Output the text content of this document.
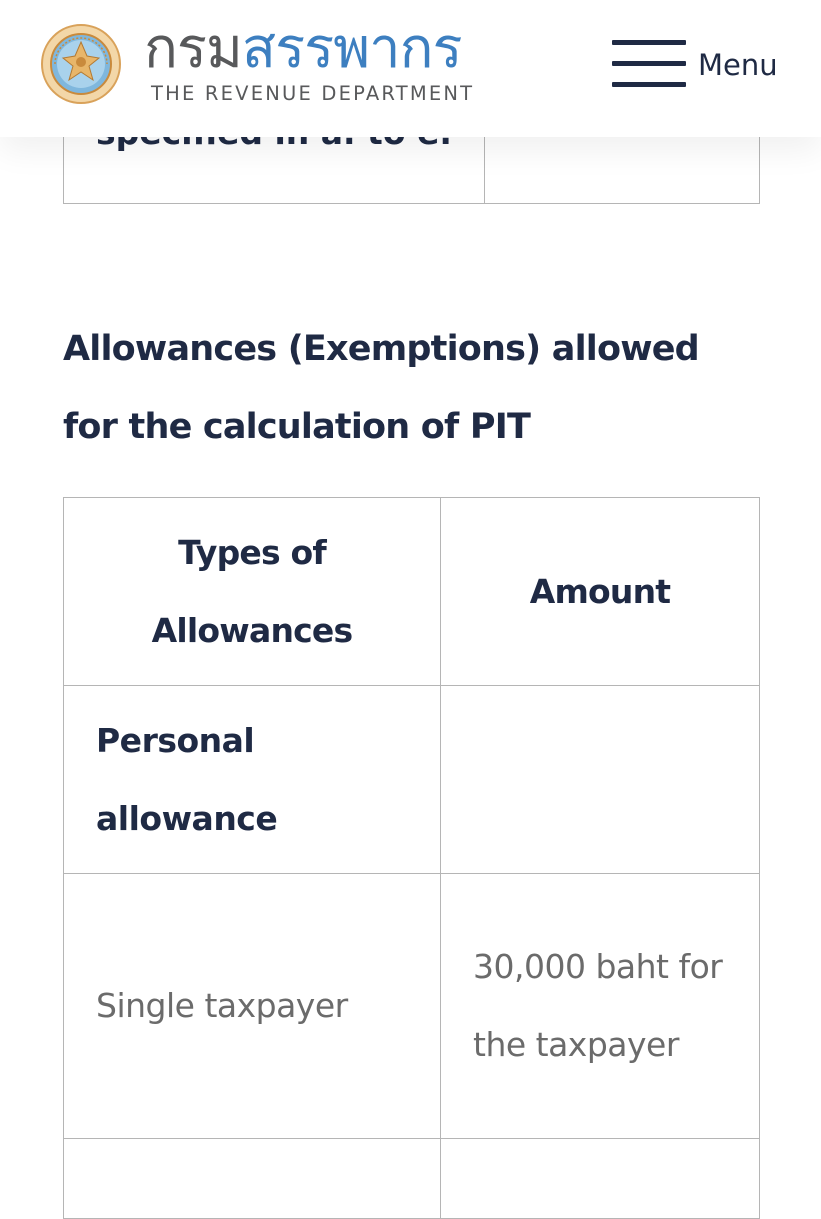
Allowances (Exemptions) allowed for the calculation of PIT
Types of Allowances	Amount
Personal allowance	
Single taxpayer	30,000 baht for the taxpayer

กรมสรรพากร
THE REVENUE DEPARTMENT
Menu
